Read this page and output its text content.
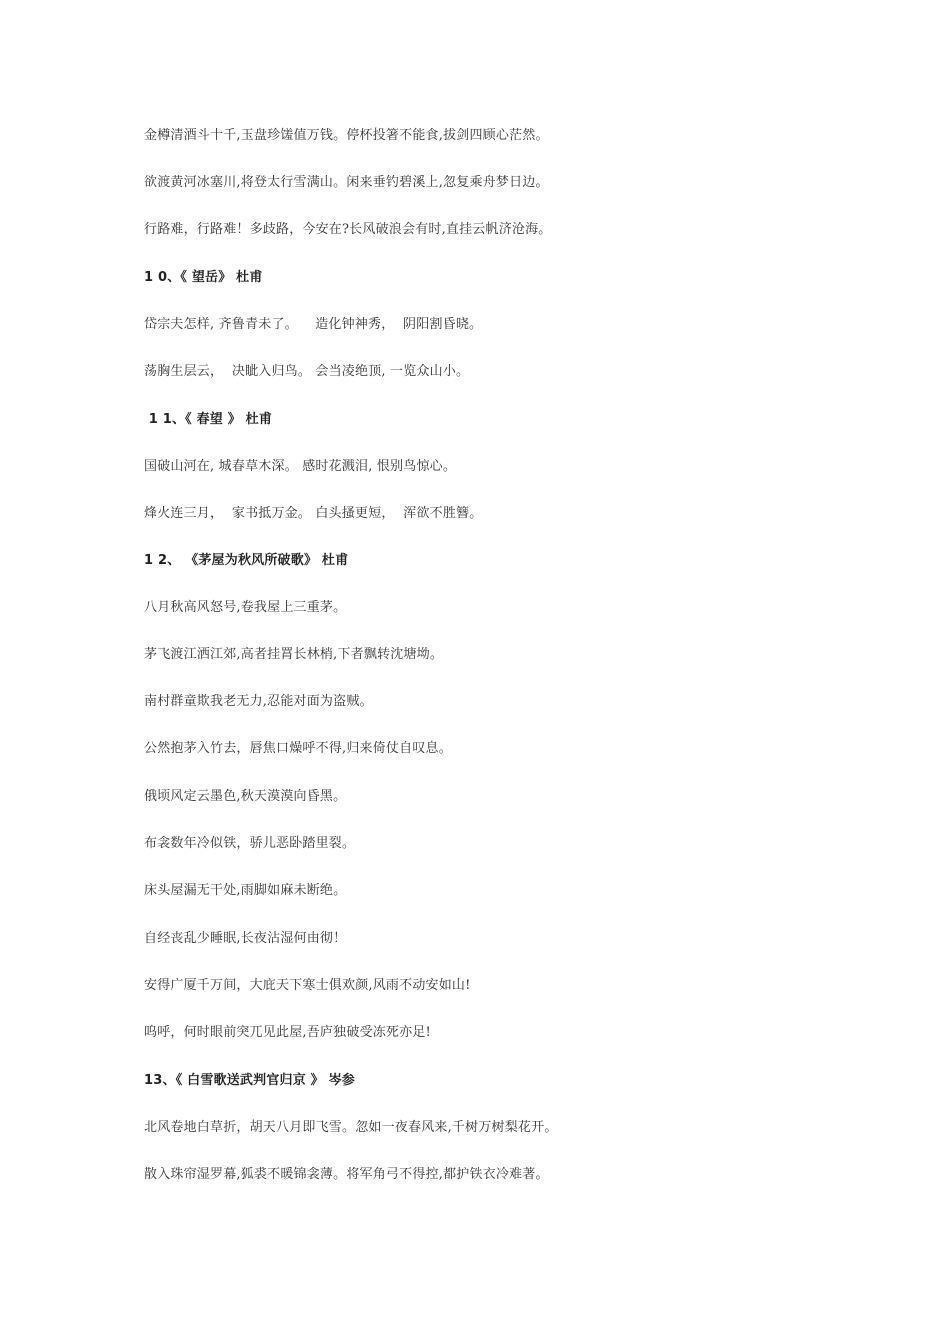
金樽清酒斗十千,玉盘珍馐值万钱。停杯投箸不能食,拔剑四顾心茫然。
欲渡黄河冰塞川,将登太行雪满山。闲来垂钓碧溪上,忽复乘舟梦日边。
行路难，行路难！多歧路，今安在?长风破浪会有时,直挂云帆济沧海。
1 0、《 望岳》 杜甫
岱宗夫怎样, 齐鲁青未了。    造化钟神秀，  阴阳割昏晓。
荡胸生层云，  决眦入归鸟。 会当凌绝顶, 一览众山小。
1 1、《 春望 》 杜甫
国破山河在, 城春草木深。 感时花溅泪, 恨别鸟惊心。
烽火连三月，  家书抵万金。 白头搔更短，  浑欲不胜簪。
1 2、 《茅屋为秋风所破歌》 杜甫
八月秋高风怒号,卷我屋上三重茅。
茅飞渡江洒江郊,高者挂罥长林梢,下者飘转沈塘坳。
南村群童欺我老无力,忍能对面为盗贼。
公然抱茅入竹去，唇焦口燥呼不得,归来倚仗自叹息。
俄顷风定云墨色,秋天漠漠向昏黑。
布衾数年冷似铁，骄儿恶卧踏里裂。
床头屋漏无干处,雨脚如麻未断绝。
自经丧乱少睡眠,长夜沾湿何由彻！
安得广厦千万间，大庇天下寒士俱欢颜,风雨不动安如山!
呜呼，何时眼前突兀见此屋,吾庐独破受冻死亦足!
13、《 白雪歌送武判官归京 》 岑参
北风卷地白草折，胡天八月即飞雪。忽如一夜春风来,千树万树梨花开。
散入珠帘湿罗幕,狐裘不暖锦衾薄。将军角弓不得控,都护铁衣冷难著。
